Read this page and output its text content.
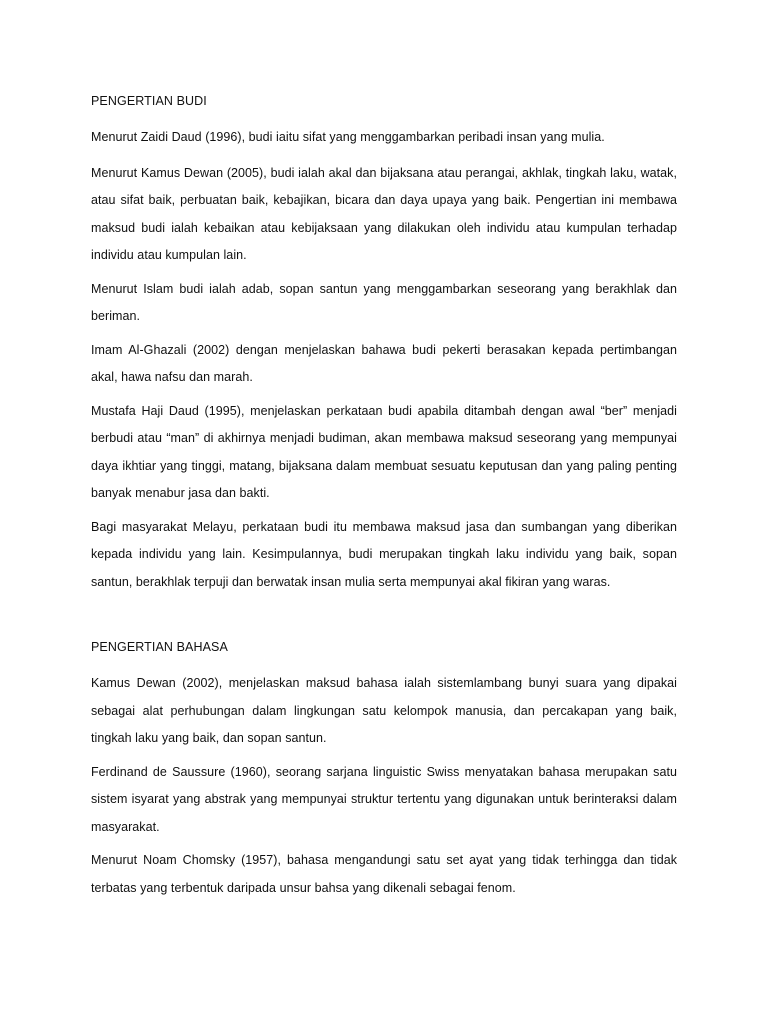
PENGERTIAN BUDI

Menurut Zaidi Daud (1996), budi iaitu sifat yang menggambarkan peribadi insan yang mulia.

Menurut Kamus Dewan (2005), budi ialah akal dan bijaksana atau perangai, akhlak, tingkah laku, watak, atau sifat baik, perbuatan baik, kebajikan, bicara dan daya upaya yang baik. Pengertian ini membawa maksud budi ialah kebaikan atau kebijaksaan yang dilakukan oleh individu atau kumpulan terhadap individu atau kumpulan lain.

Menurut Islam budi ialah adab, sopan santun yang menggambarkan seseorang yang berakhlak dan beriman.

Imam Al-Ghazali (2002) dengan menjelaskan bahawa budi pekerti berasakan kepada pertimbangan akal, hawa nafsu dan marah.

Mustafa Haji Daud (1995), menjelaskan perkataan budi apabila ditambah dengan awal “ber” menjadi berbudi atau “man” di akhirnya menjadi budiman, akan membawa maksud seseorang yang mempunyai daya ikhtiar yang tinggi, matang, bijaksana dalam membuat sesuatu keputusan dan yang paling penting banyak menabur jasa dan bakti.

Bagi masyarakat Melayu, perkataan budi itu membawa maksud jasa dan sumbangan yang diberikan kepada individu yang lain. Kesimpulannya, budi merupakan tingkah laku individu yang baik, sopan santun, berakhlak terpuji dan berwatak insan mulia serta mempunyai akal fikiran yang waras.

PENGERTIAN BAHASA

Kamus Dewan (2002), menjelaskan maksud bahasa ialah sistemlambang bunyi suara yang dipakai sebagai alat perhubungan dalam lingkungan satu kelompok manusia, dan percakapan yang baik, tingkah laku yang baik, dan sopan santun.

Ferdinand de Saussure (1960), seorang sarjana linguistic Swiss menyatakan bahasa merupakan satu sistem isyarat yang abstrak yang mempunyai struktur tertentu yang digunakan untuk berinteraksi dalam masyarakat.

Menurut Noam Chomsky (1957), bahasa mengandungi satu set ayat yang tidak terhingga dan tidak terbatas yang terbentuk daripada unsur bahsa yang dikenali sebagai fenom.
